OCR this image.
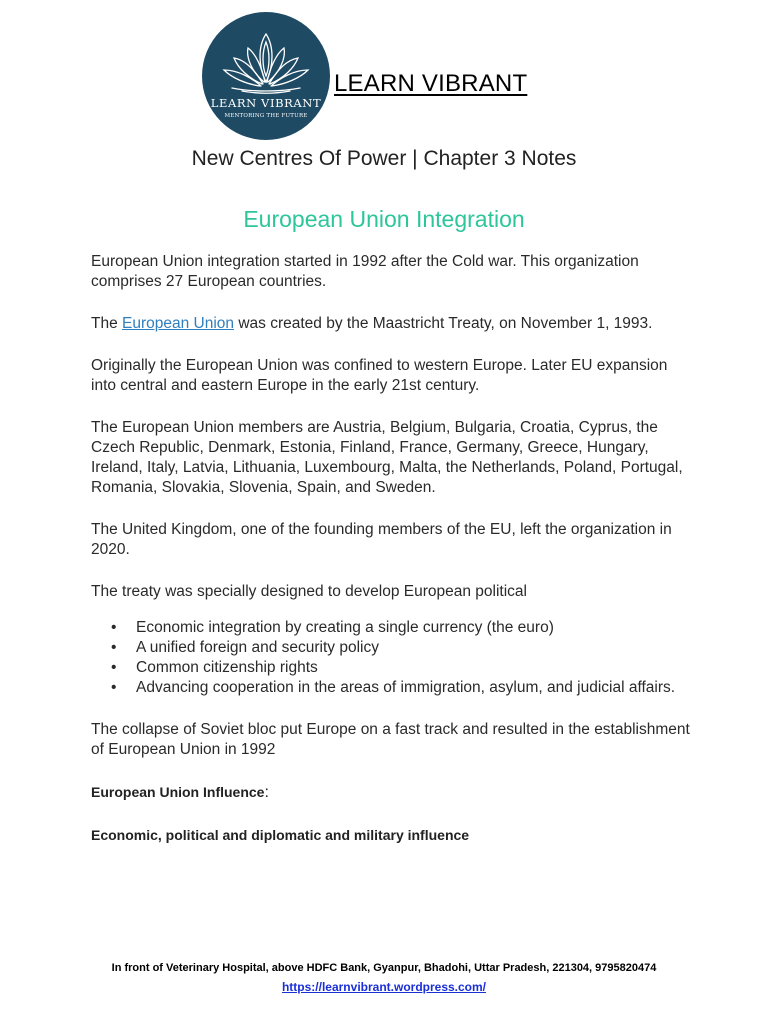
LEARN VIBRANT
MENTORING THE FUTURE
LEARN VIBRANT
New Centres Of Power | Chapter 3 Notes
European Union Integration

European Union integration started in 1992 after the Cold war. This organization comprises 27 European countries.

The European Union was created by the Maastricht Treaty, on November 1, 1993.

Originally the European Union was confined to western Europe. Later EU expansion into central and eastern Europe in the early 21st century.

The European Union members are Austria, Belgium, Bulgaria, Croatia, Cyprus, the Czech Republic, Denmark, Estonia, Finland, France, Germany, Greece, Hungary, Ireland, Italy, Latvia, Lithuania, Luxembourg, Malta, the Netherlands, Poland, Portugal, Romania, Slovakia, Slovenia, Spain, and Sweden.

The United Kingdom, one of the founding members of the EU, left the organization in 2020.

The treaty was specially designed to develop European political

• Economic integration by creating a single currency (the euro)
• A unified foreign and security policy
• Common citizenship rights
• Advancing cooperation in the areas of immigration, asylum, and judicial affairs.

The collapse of Soviet bloc put Europe on a fast track and resulted in the establishment of European Union in 1992

European Union Influence:

Economic, political and diplomatic and military influence

In front of Veterinary Hospital, above HDFC Bank, Gyanpur, Bhadohi, Uttar Pradesh, 221304, 9795820474
https://learnvibrant.wordpress.com/
